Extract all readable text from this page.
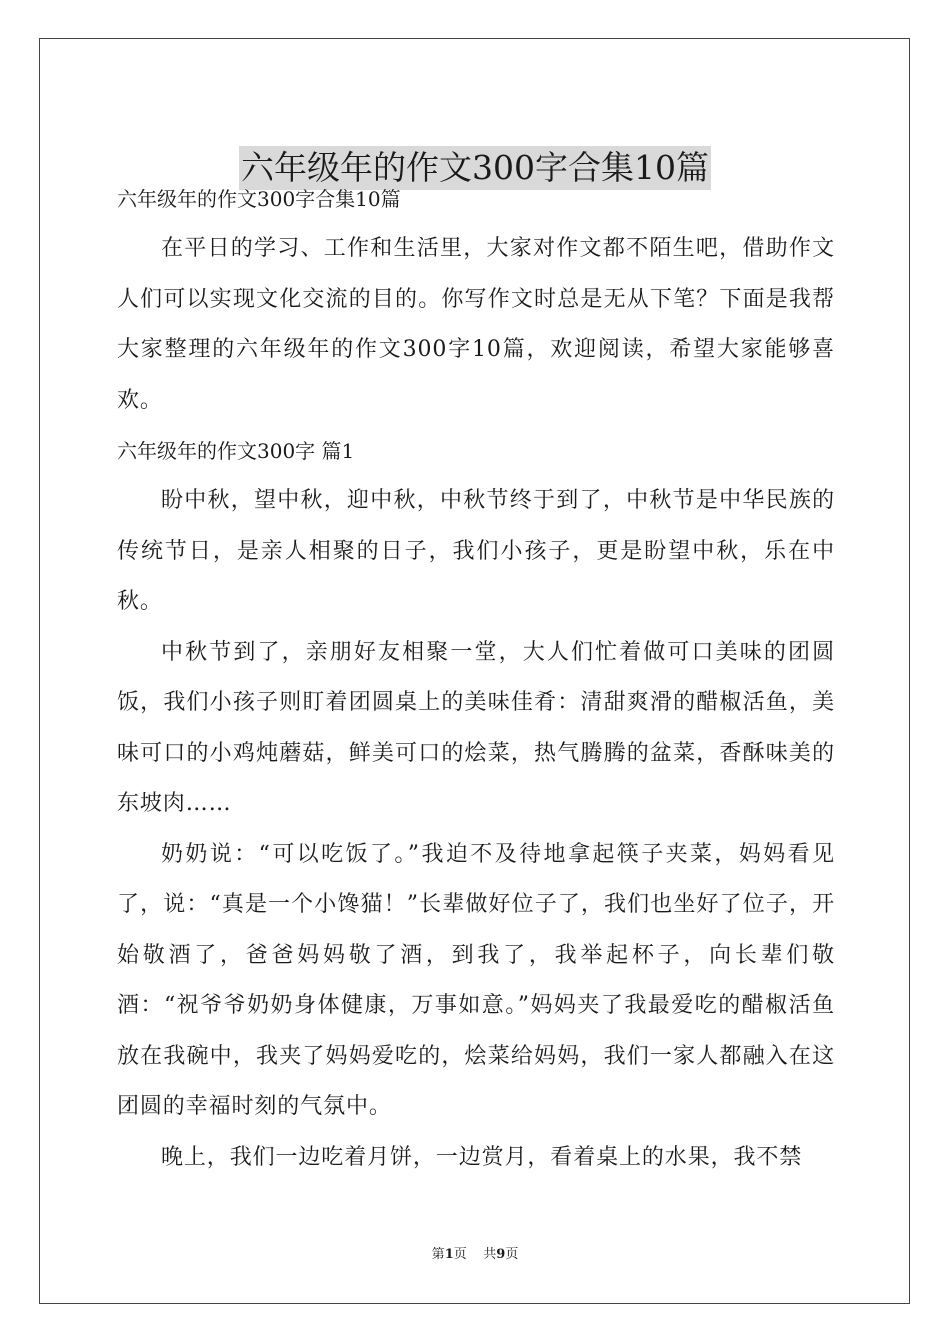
六年级年的作文300字合集10篇

六年级年的作文300字合集10篇

在平日的学习、工作和生活里，大家对作文都不陌生吧，借助作文人们可以实现文化交流的目的。你写作文时总是无从下笔？下面是我帮大家整理的六年级年的作文300字10篇，欢迎阅读，希望大家能够喜欢。

六年级年的作文300字 篇1

盼中秋，望中秋，迎中秋，中秋节终于到了，中秋节是中华民族的传统节日，是亲人相聚的日子，我们小孩子，更是盼望中秋，乐在中秋。

中秋节到了，亲朋好友相聚一堂，大人们忙着做可口美味的团圆饭，我们小孩子则盯着团圆桌上的美味佳肴：清甜爽滑的醋椒活鱼，美味可口的小鸡炖蘑菇，鲜美可口的烩菜，热气腾腾的盆菜，香酥味美的东坡肉……

奶奶说：“可以吃饭了。”我迫不及待地拿起筷子夹菜，妈妈看见了，说：“真是一个小馋猫！”长辈做好位子了，我们也坐好了位子，开始敬酒了，爸爸妈妈敬了酒，到我了，我举起杯子，向长辈们敬酒：“祝爷爷奶奶身体健康，万事如意。”妈妈夹了我最爱吃的醋椒活鱼放在我碗中，我夹了妈妈爱吃的，烩菜给妈妈，我们一家人都融入在这团圆的幸福时刻的气氛中。

晚上，我们一边吃着月饼，一边赏月，看着桌上的水果，我不禁

第1页    共9页
